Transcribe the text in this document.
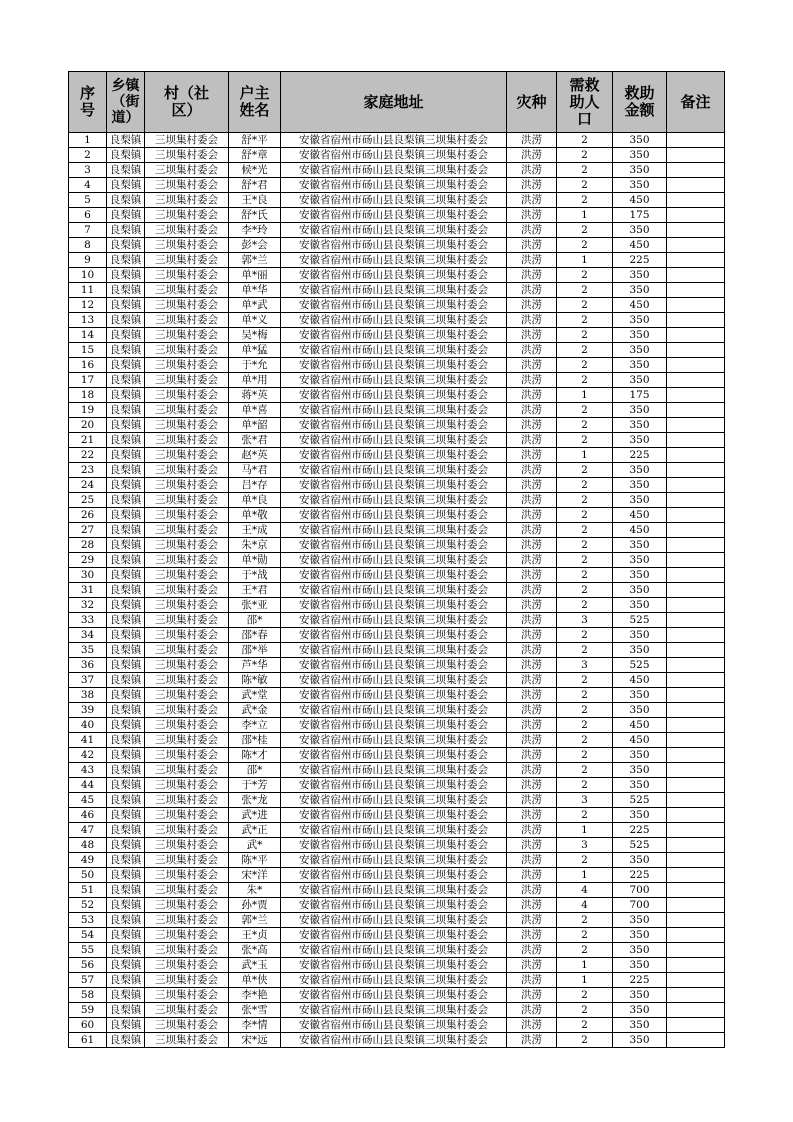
序号	乡镇（街道）	村（社区）	户主姓名	家庭地址	灾种	需救助人口	救助金额	备注
1	良梨镇	三坝集村委会	舒*平	安徽省宿州市砀山县良梨镇三坝集村委会	洪涝	2	350	
2	良梨镇	三坝集村委会	舒*章	安徽省宿州市砀山县良梨镇三坝集村委会	洪涝	2	350	
3	良梨镇	三坝集村委会	候*光	安徽省宿州市砀山县良梨镇三坝集村委会	洪涝	2	350	
4	良梨镇	三坝集村委会	舒*君	安徽省宿州市砀山县良梨镇三坝集村委会	洪涝	2	350	
5	良梨镇	三坝集村委会	王*良	安徽省宿州市砀山县良梨镇三坝集村委会	洪涝	2	450	
6	良梨镇	三坝集村委会	舒*氏	安徽省宿州市砀山县良梨镇三坝集村委会	洪涝	1	175	
7	良梨镇	三坝集村委会	李*玲	安徽省宿州市砀山县良梨镇三坝集村委会	洪涝	2	350	
8	良梨镇	三坝集村委会	彭*会	安徽省宿州市砀山县良梨镇三坝集村委会	洪涝	2	450	
9	良梨镇	三坝集村委会	郭*兰	安徽省宿州市砀山县良梨镇三坝集村委会	洪涝	1	225	
10	良梨镇	三坝集村委会	单*丽	安徽省宿州市砀山县良梨镇三坝集村委会	洪涝	2	350	
11	良梨镇	三坝集村委会	单*华	安徽省宿州市砀山县良梨镇三坝集村委会	洪涝	2	350	
12	良梨镇	三坝集村委会	单*武	安徽省宿州市砀山县良梨镇三坝集村委会	洪涝	2	450	
13	良梨镇	三坝集村委会	单*义	安徽省宿州市砀山县良梨镇三坝集村委会	洪涝	2	350	
14	良梨镇	三坝集村委会	吴*梅	安徽省宿州市砀山县良梨镇三坝集村委会	洪涝	2	350	
15	良梨镇	三坝集村委会	单*猛	安徽省宿州市砀山县良梨镇三坝集村委会	洪涝	2	350	
16	良梨镇	三坝集村委会	于*允	安徽省宿州市砀山县良梨镇三坝集村委会	洪涝	2	350	
17	良梨镇	三坝集村委会	单*用	安徽省宿州市砀山县良梨镇三坝集村委会	洪涝	2	350	
18	良梨镇	三坝集村委会	蒋*英	安徽省宿州市砀山县良梨镇三坝集村委会	洪涝	1	175	
19	良梨镇	三坝集村委会	单*喜	安徽省宿州市砀山县良梨镇三坝集村委会	洪涝	2	350	
20	良梨镇	三坝集村委会	单*韶	安徽省宿州市砀山县良梨镇三坝集村委会	洪涝	2	350	
21	良梨镇	三坝集村委会	张*君	安徽省宿州市砀山县良梨镇三坝集村委会	洪涝	2	350	
22	良梨镇	三坝集村委会	赵*英	安徽省宿州市砀山县良梨镇三坝集村委会	洪涝	1	225	
23	良梨镇	三坝集村委会	马*君	安徽省宿州市砀山县良梨镇三坝集村委会	洪涝	2	350	
24	良梨镇	三坝集村委会	吕*存	安徽省宿州市砀山县良梨镇三坝集村委会	洪涝	2	350	
25	良梨镇	三坝集村委会	单*良	安徽省宿州市砀山县良梨镇三坝集村委会	洪涝	2	350	
26	良梨镇	三坝集村委会	单*敬	安徽省宿州市砀山县良梨镇三坝集村委会	洪涝	2	450	
27	良梨镇	三坝集村委会	王*成	安徽省宿州市砀山县良梨镇三坝集村委会	洪涝	2	450	
28	良梨镇	三坝集村委会	朱*京	安徽省宿州市砀山县良梨镇三坝集村委会	洪涝	2	350	
29	良梨镇	三坝集村委会	单*勋	安徽省宿州市砀山县良梨镇三坝集村委会	洪涝	2	350	
30	良梨镇	三坝集村委会	于*战	安徽省宿州市砀山县良梨镇三坝集村委会	洪涝	2	350	
31	良梨镇	三坝集村委会	王*君	安徽省宿州市砀山县良梨镇三坝集村委会	洪涝	2	350	
32	良梨镇	三坝集村委会	张*亚	安徽省宿州市砀山县良梨镇三坝集村委会	洪涝	2	350	
33	良梨镇	三坝集村委会	邵*	安徽省宿州市砀山县良梨镇三坝集村委会	洪涝	3	525	
34	良梨镇	三坝集村委会	邵*春	安徽省宿州市砀山县良梨镇三坝集村委会	洪涝	2	350	
35	良梨镇	三坝集村委会	邵*举	安徽省宿州市砀山县良梨镇三坝集村委会	洪涝	2	350	
36	良梨镇	三坝集村委会	芦*华	安徽省宿州市砀山县良梨镇三坝集村委会	洪涝	3	525	
37	良梨镇	三坝集村委会	陈*敏	安徽省宿州市砀山县良梨镇三坝集村委会	洪涝	2	450	
38	良梨镇	三坝集村委会	武*堂	安徽省宿州市砀山县良梨镇三坝集村委会	洪涝	2	350	
39	良梨镇	三坝集村委会	武*金	安徽省宿州市砀山县良梨镇三坝集村委会	洪涝	2	350	
40	良梨镇	三坝集村委会	李*立	安徽省宿州市砀山县良梨镇三坝集村委会	洪涝	2	450	
41	良梨镇	三坝集村委会	邵*桂	安徽省宿州市砀山县良梨镇三坝集村委会	洪涝	2	450	
42	良梨镇	三坝集村委会	陈*才	安徽省宿州市砀山县良梨镇三坝集村委会	洪涝	2	350	
43	良梨镇	三坝集村委会	邵*	安徽省宿州市砀山县良梨镇三坝集村委会	洪涝	2	350	
44	良梨镇	三坝集村委会	于*芳	安徽省宿州市砀山县良梨镇三坝集村委会	洪涝	2	350	
45	良梨镇	三坝集村委会	张*龙	安徽省宿州市砀山县良梨镇三坝集村委会	洪涝	3	525	
46	良梨镇	三坝集村委会	武*进	安徽省宿州市砀山县良梨镇三坝集村委会	洪涝	2	350	
47	良梨镇	三坝集村委会	武*正	安徽省宿州市砀山县良梨镇三坝集村委会	洪涝	1	225	
48	良梨镇	三坝集村委会	武*	安徽省宿州市砀山县良梨镇三坝集村委会	洪涝	3	525	
49	良梨镇	三坝集村委会	陈*平	安徽省宿州市砀山县良梨镇三坝集村委会	洪涝	2	350	
50	良梨镇	三坝集村委会	宋*洋	安徽省宿州市砀山县良梨镇三坝集村委会	洪涝	1	225	
51	良梨镇	三坝集村委会	朱*	安徽省宿州市砀山县良梨镇三坝集村委会	洪涝	4	700	
52	良梨镇	三坝集村委会	孙*贾	安徽省宿州市砀山县良梨镇三坝集村委会	洪涝	4	700	
53	良梨镇	三坝集村委会	郭*兰	安徽省宿州市砀山县良梨镇三坝集村委会	洪涝	2	350	
54	良梨镇	三坝集村委会	王*贞	安徽省宿州市砀山县良梨镇三坝集村委会	洪涝	2	350	
55	良梨镇	三坝集村委会	张*高	安徽省宿州市砀山县良梨镇三坝集村委会	洪涝	2	350	
56	良梨镇	三坝集村委会	武*玉	安徽省宿州市砀山县良梨镇三坝集村委会	洪涝	1	350	
57	良梨镇	三坝集村委会	单*侠	安徽省宿州市砀山县良梨镇三坝集村委会	洪涝	1	225	
58	良梨镇	三坝集村委会	李*艳	安徽省宿州市砀山县良梨镇三坝集村委会	洪涝	2	350	
59	良梨镇	三坝集村委会	张*雪	安徽省宿州市砀山县良梨镇三坝集村委会	洪涝	2	350	
60	良梨镇	三坝集村委会	李*情	安徽省宿州市砀山县良梨镇三坝集村委会	洪涝	2	350	
61	良梨镇	三坝集村委会	宋*远	安徽省宿州市砀山县良梨镇三坝集村委会	洪涝	2	350	
